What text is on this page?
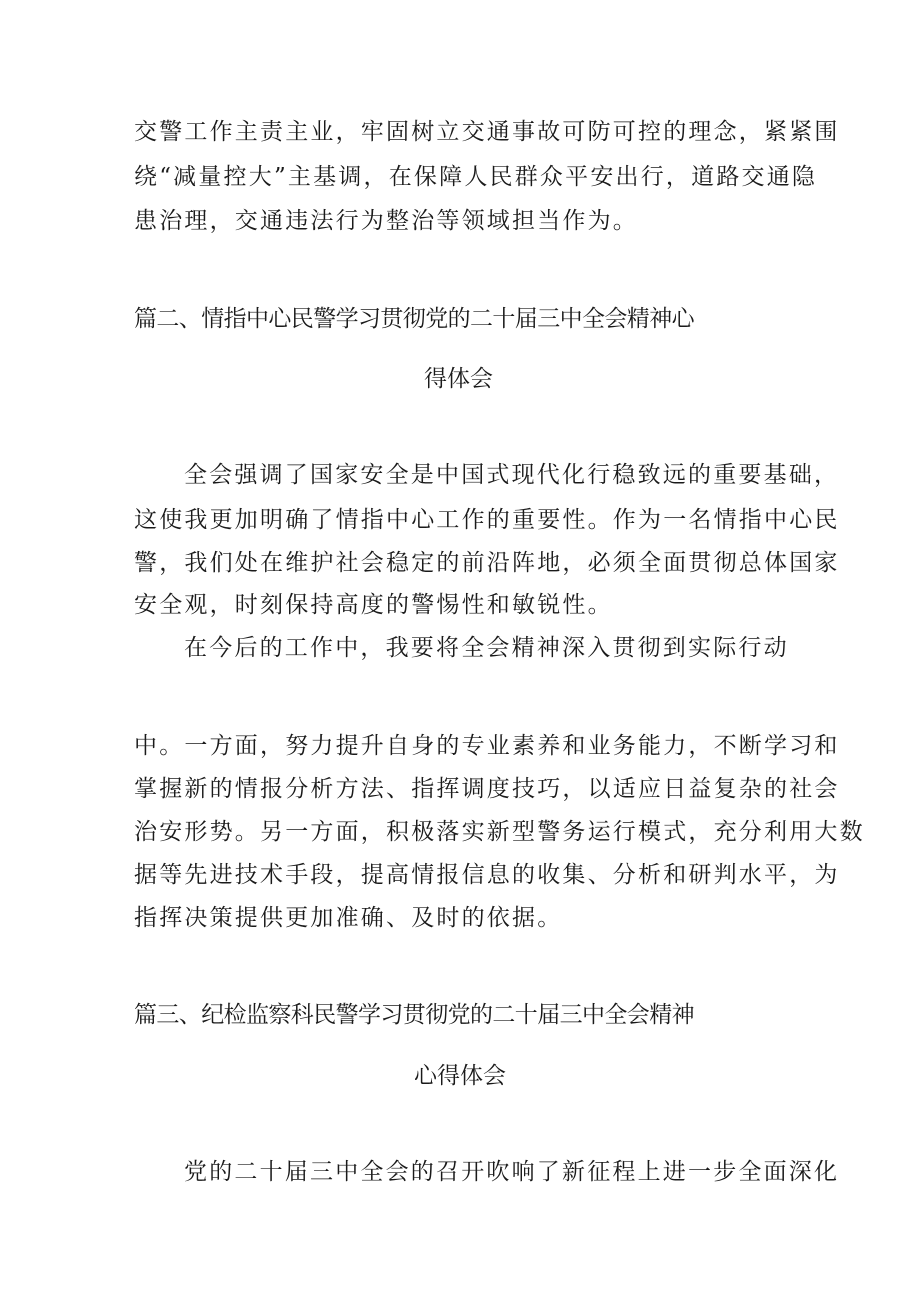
交警工作主责主业，牢固树立交通事故可防可控的理念，紧紧围
绕“减量控大”主基调，在保障人民群众平安出行，道路交通隐
患治理，交通违法行为整治等领域担当作为。
篇二、情指中心民警学习贯彻党的二十届三中全会精神心
得体会
全会强调了国家安全是中国式现代化行稳致远的重要基础，
这使我更加明确了情指中心工作的重要性。作为一名情指中心民
警，我们处在维护社会稳定的前沿阵地，必须全面贯彻总体国家
安全观，时刻保持高度的警惕性和敏锐性。
在今后的工作中，我要将全会精神深入贯彻到实际行动
中。一方面，努力提升自身的专业素养和业务能力，不断学习和
掌握新的情报分析方法、指挥调度技巧，以适应日益复杂的社会
治安形势。另一方面，积极落实新型警务运行模式，充分利用大数
据等先进技术手段，提高情报信息的收集、分析和研判水平，为
指挥决策提供更加准确、及时的依据。
篇三、纪检监察科民警学习贯彻党的二十届三中全会精神
心得体会
党的二十届三中全会的召开吹响了新征程上进一步全面深化
